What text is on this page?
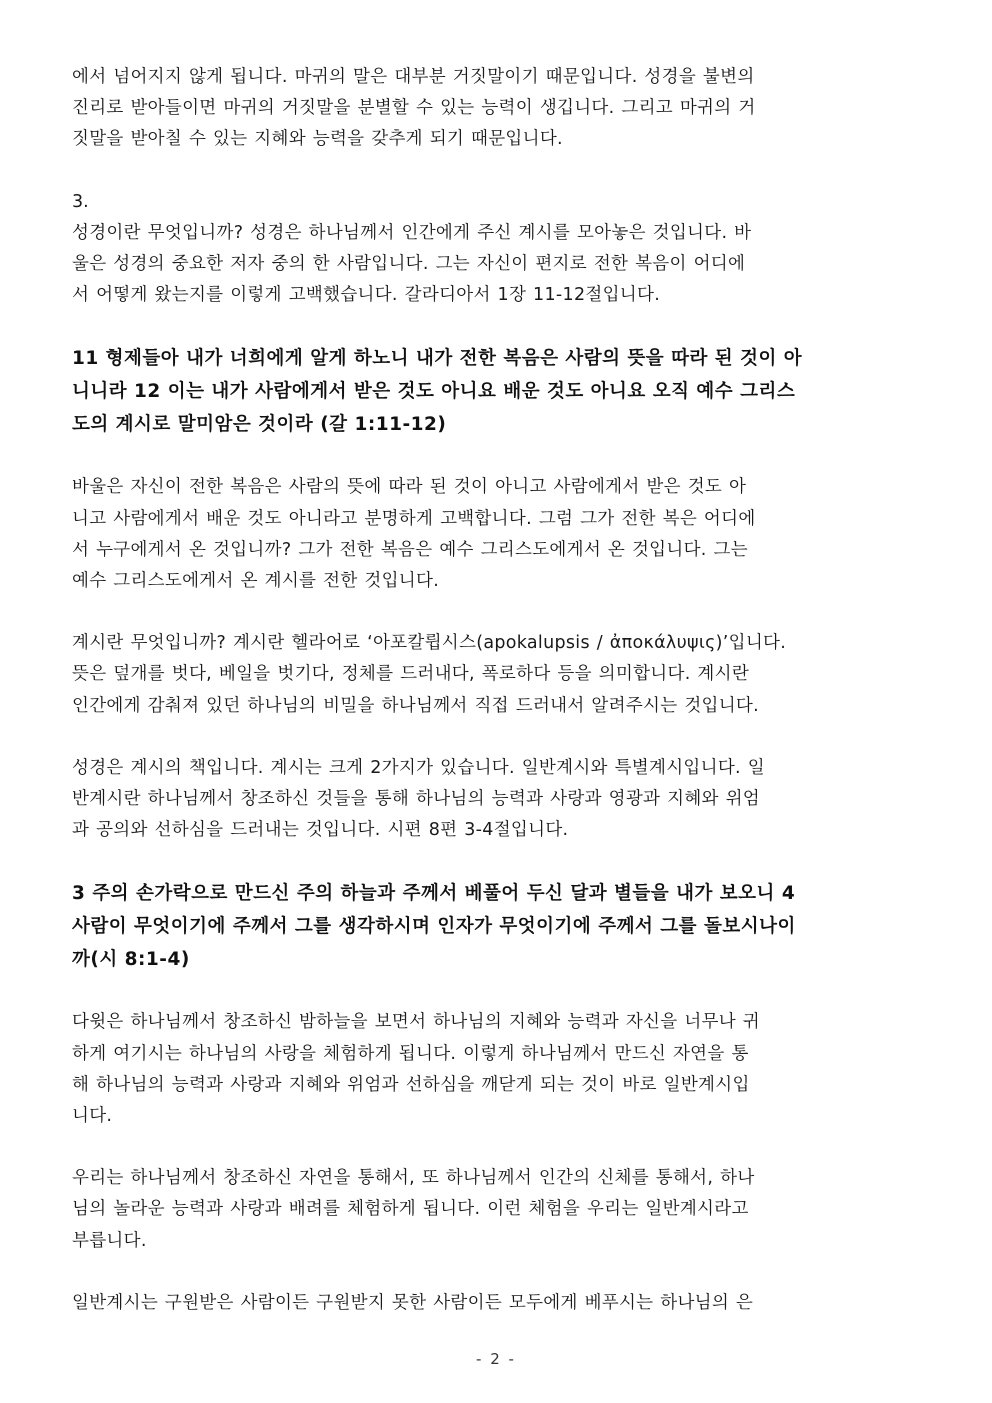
에서 넘어지지 않게 됩니다. 마귀의 말은 대부분 거짓말이기 때문입니다. 성경을 불변의
진리로 받아들이면 마귀의 거짓말을 분별할 수 있는 능력이 생깁니다. 그리고 마귀의 거
짓말을 받아칠 수 있는 지혜와 능력을 갖추게 되기 때문입니다.

3.

성경이란 무엇입니까? 성경은 하나님께서 인간에게 주신 계시를 모아놓은 것입니다. 바
울은 성경의 중요한 저자 중의 한 사람입니다. 그는 자신이 편지로 전한 복음이 어디에
서 어떻게 왔는지를 이렇게 고백했습니다. 갈라디아서 1장 11-12절입니다.

11 형제들아 내가 너희에게 알게 하노니 내가 전한 복음은 사람의 뜻을 따라 된 것이 아
니니라 12 이는 내가 사람에게서 받은 것도 아니요 배운 것도 아니요 오직 예수 그리스
도의 계시로 말미암은 것이라 (갈 1:11-12)

바울은 자신이 전한 복음은 사람의 뜻에 따라 된 것이 아니고 사람에게서 받은 것도 아
니고 사람에게서 배운 것도 아니라고 분명하게 고백합니다. 그럼 그가 전한 복은 어디에
서 누구에게서 온 것입니까? 그가 전한 복음은 예수 그리스도에게서 온 것입니다. 그는
예수 그리스도에게서 온 계시를 전한 것입니다.

계시란 무엇입니까? 계시란 헬라어로 ‘아포칼륍시스(apokalupsis / ἀποκάλυψις)’입니다.
뜻은 덮개를 벗다, 베일을 벗기다, 정체를 드러내다, 폭로하다 등을 의미합니다. 계시란
인간에게 감춰져 있던 하나님의 비밀을 하나님께서 직접 드러내서 알려주시는 것입니다.

성경은 계시의 책입니다. 계시는 크게 2가지가 있습니다. 일반계시와 특별계시입니다. 일
반계시란 하나님께서 창조하신 것들을 통해 하나님의 능력과 사랑과 영광과 지혜와 위엄
과 공의와 선하심을 드러내는 것입니다. 시편 8편 3-4절입니다.

3 주의 손가락으로 만드신 주의 하늘과 주께서 베풀어 두신 달과 별들을 내가 보오니 4
사람이 무엇이기에 주께서 그를 생각하시며 인자가 무엇이기에 주께서 그를 돌보시나이
까(시 8:1-4)

다윗은 하나님께서 창조하신 밤하늘을 보면서 하나님의 지혜와 능력과 자신을 너무나 귀
하게 여기시는 하나님의 사랑을 체험하게 됩니다. 이렇게 하나님께서 만드신 자연을 통
해 하나님의 능력과 사랑과 지혜와 위엄과 선하심을 깨닫게 되는 것이 바로 일반계시입
니다.

우리는 하나님께서 창조하신 자연을 통해서, 또 하나님께서 인간의 신체를 통해서, 하나
님의 놀라운 능력과 사랑과 배려를 체험하게 됩니다. 이런 체험을 우리는 일반계시라고
부릅니다.

일반계시는 구원받은 사람이든 구원받지 못한 사람이든 모두에게 베푸시는 하나님의 은

- 2 -
